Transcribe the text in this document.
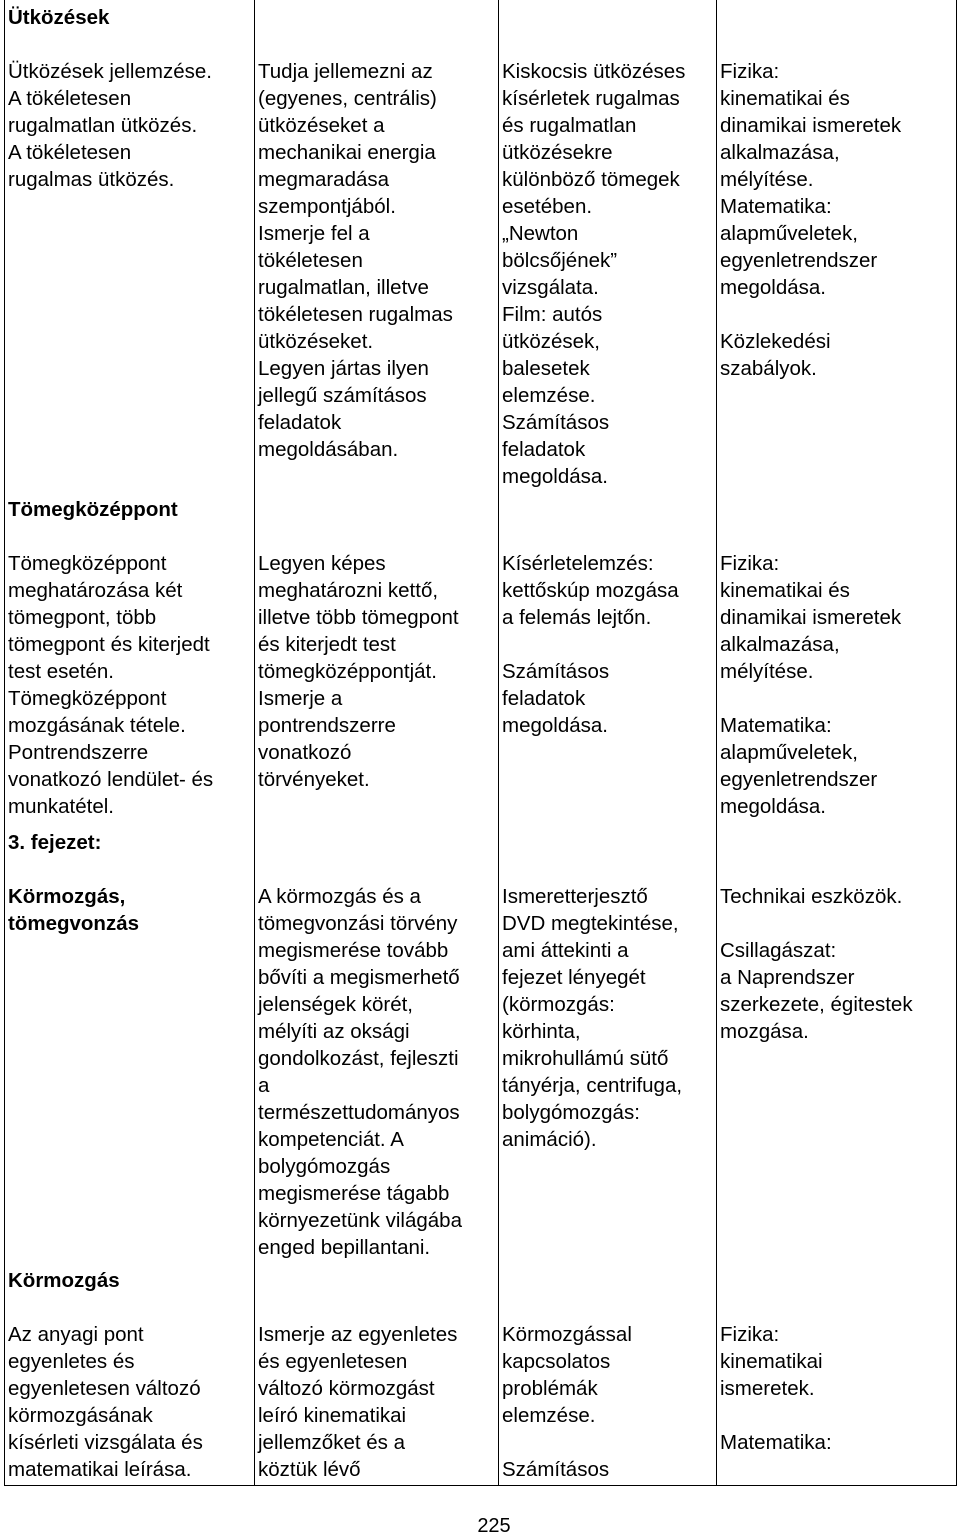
Ütközések
Ütközések jellemzése.
A tökéletesen
rugalmatlan ütközés.
A tökéletesen
rugalmas ütközés.
Tudja jellemezni az
(egyenes, centrális)
ütközéseket a
mechanikai energia
megmaradása
szempontjából.
Ismerje fel a
tökéletesen
rugalmatlan, illetve
tökéletesen rugalmas
ütközéseket.
Legyen jártas ilyen
jellegű számításos
feladatok
megoldásában.
Kiskocsis ütközéses
kísérletek rugalmas
és rugalmatlan
ütközésekre
különböző tömegek
esetében.
„Newton
bölcsőjének”
vizsgálata.
Film: autós
ütközések,
balesetek
elemzése.
Számításos
feladatok
megoldása.
Fizika:
kinematikai és
dinamikai ismeretek
alkalmazása,
mélyítése.
Matematika:
alapműveletek,
egyenletrendszer
megoldása.

Közlekedési
szabályok.
Tömegközéppont
Tömegközéppont
meghatározása két
tömegpont, több
tömegpont és kiterjedt
test esetén.
Tömegközéppont
mozgásának tétele.
Pontrendszerre
vonatkozó lendület- és
munkatétel.
Legyen képes
meghatározni kettő,
illetve több tömegpont
és kiterjedt test
tömegközéppontját.
Ismerje a
pontrendszerre
vonatkozó
törvényeket.
Kísérletelemzés:
kettőskúp mozgása
a felemás lejtőn.

Számításos
feladatok
megoldása.
Fizika:
kinematikai és
dinamikai ismeretek
alkalmazása,
mélyítése.

Matematika:
alapműveletek,
egyenletrendszer
megoldása.
3. fejezet:
Körmozgás,
tömegvonzás
A körmozgás és a
tömegvonzási törvény
megismerése tovább
bővíti a megismerhető
jelenségek körét,
mélyíti az oksági
gondolkozást, fejleszti
a
természettudományos
kompetenciát. A
bolygómozgás
megismerése tágabb
környezetünk világába
enged bepillantani.
Ismeretterjesztő
DVD megtekintése,
ami áttekinti a
fejezet lényegét
(körmozgás:
körhinta,
mikrohullámú sütő
tányérja, centrifuga,
bolygómozgás:
animáció).
Technikai eszközök.

Csillagászat:
a Naprendszer
szerkezete, égitestek
mozgása.
Körmozgás
Az anyagi pont
egyenletes és
egyenletesen változó
körmozgásának
kísérleti vizsgálata és
matematikai leírása.
Ismerje az egyenletes
és egyenletesen
változó körmozgást
leíró kinematikai
jellemzőket és a
köztük lévő
Körmozgással
kapcsolatos
problémák
elemzése.

Számításos
Fizika:
kinematikai
ismeretek.

Matematika:
225
